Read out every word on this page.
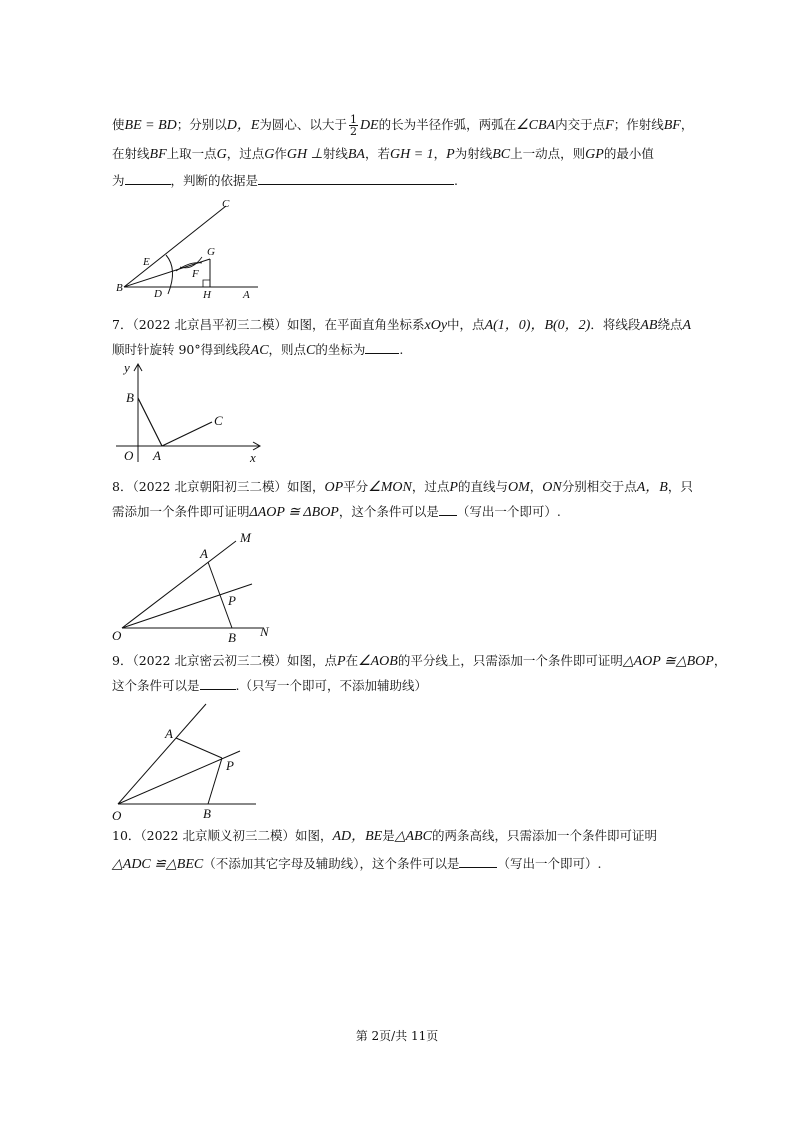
使BE = BD；分别以D，E为圆心、以大于 $\frac{1}{2}$ DE的长为半径作弧，两弧在∠CBA内交于点F；作射线BF，
在射线BF上取一点G，过点G作GH ⊥射线BA，若GH = 1，P为射线BC上一动点，则GP的最小值
为	，判断的依据是	.
C
E
G
F
B	D	H	A
7．（2022 北京昌平初三二模）如图，在平面直角坐标系xOy中，点A(1，0)，B(0，2)．将线段AB绕点A
顺时针旋转 90°得到线段AC，则点C的坐标为	.
y
B
C
O A	x
8．（2022 北京朝阳初三二模）如图，OP平分∠MON，过点P的直线与OM，ON分别相交于点A，B，只
需添加一个条件即可证明ΔAOP ≅ ΔBOP，这个条件可以是 （写出一个即可）.
M
A
P
O	B N
9．（2022 北京密云初三二模）如图，点P在∠AOB的平分线上，只需添加一个条件即可证明△AOP ≅△BOP，
这个条件可以是	.（只写一个即可，不添加辅助线）
A
P
O	B
10．（2022 北京顺义初三二模）如图，AD，BE是△ABC的两条高线，只需添加一个条件即可证明
△ADC ≌△BEC（不添加其它字母及辅助线），这个条件可以是	（写出一个即可）.
第 2页/共 11页
